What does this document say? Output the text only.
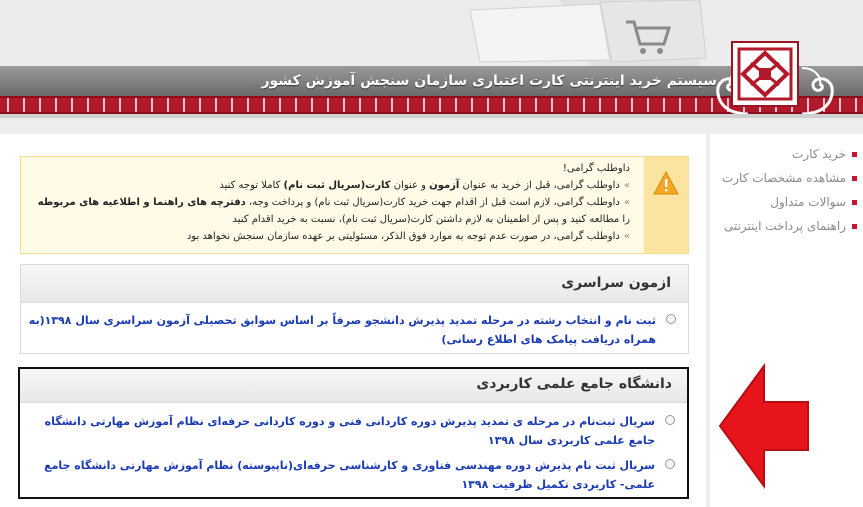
سیستم خرید اینترنتی کارت اعتباری سازمان سنجش آموزش کشور
خرید کارت
مشاهده مشخصات کارت
سوالات متداول
راهنمای پرداخت اینترنتی
داوطلب گرامی!
»داوطلب گرامی، قبل از خرید به عنوان آزمون و عنوان کارت(سریال ثبت نام) کاملا توجه کنید
»داوطلب گرامی، لازم است قبل از اقدام جهت خرید کارت(سریال ثبت نام) و پرداخت وجه، دفترچه های راهنما و اطلاعیه های مربوطه را مطالعه کنید و پس از اطمینان به لازم داشتن کارت(سریال ثبت نام)، نسبت به خرید اقدام کنید
»داوطلب گرامی، در صورت عدم توجه به موارد فوق الذکر، مسئولیتی بر عهده سازمان سنجش نخواهد بود
ازمون سراسری
ثبت نام و انتخاب رشته در مرحله تمدید پذیرش دانشجو صرفاً بر اساس سوابق تحصیلی آزمون سراسری سال ۱۳۹۸(به همراه دریافت پیامک های اطلاع رسانی)
دانشگاه جامع علمی کاربردی
سریال ثبت‌نام در مرحله ی تمدید پذیرش دوره کاردانی فنی و دوره کاردانی حرفه‌ای نظام آموزش مهارتی دانشگاه جامع علمی کاربردی سال ۱۳۹۸
سریال ثبت نام پذیرش دوره مهندسی فناوری و کارشناسی حرفه‌ای(ناپیوسته) نظام آموزش مهارتی دانشگاه جامع علمی- کاربردی تکمیل ظرفیت ۱۳۹۸
